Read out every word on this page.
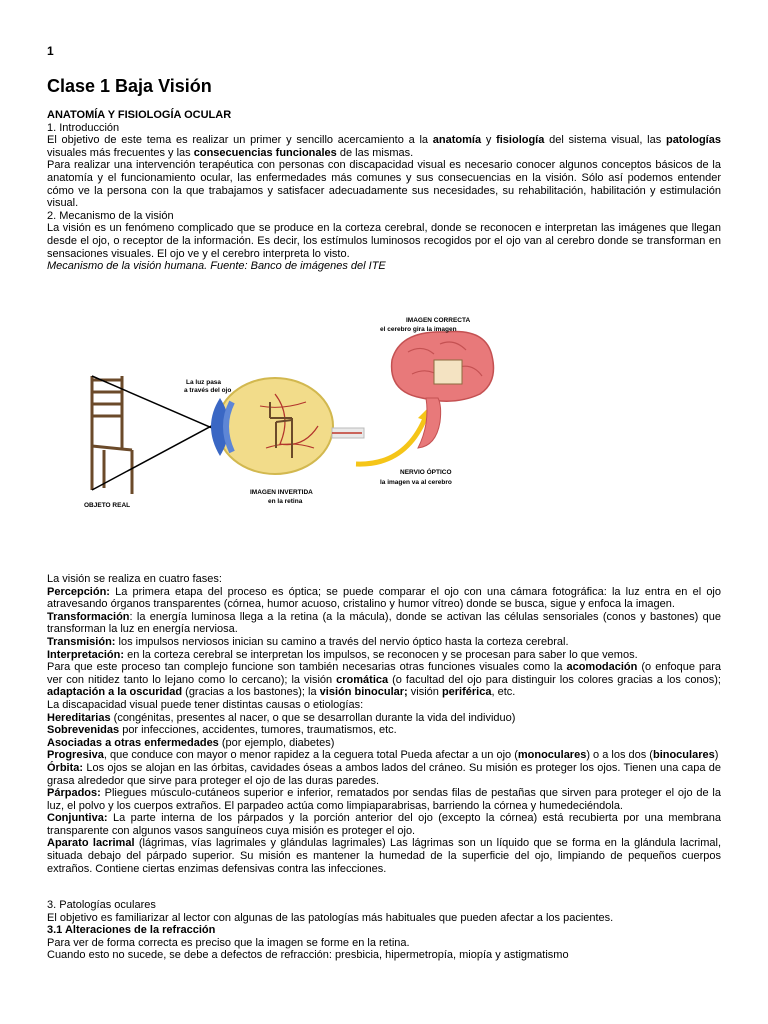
1
Clase 1 Baja Visión
ANATOMÍA Y FISIOLOGÍA OCULAR
1. Introducción
El objetivo de este tema es realizar un primer y sencillo acercamiento a la anatomía y fisiología del sistema visual, las patologías visuales más frecuentes y las consecuencias funcionales de las mismas.
Para realizar una intervención terapéutica con personas con discapacidad visual es necesario conocer algunos conceptos básicos de la anatomía y el funcionamiento ocular, las enfermedades más comunes y sus consecuencias en la visión. Sólo así podemos entender cómo ve la persona con la que trabajamos y satisfacer adecuadamente sus necesidades, su rehabilitación, habilitación y estimulación visual.
2. Mecanismo de la visión
La visión es un fenómeno complicado que se produce en la corteza cerebral, donde se reconocen e interpretan las imágenes que llegan desde el ojo, o receptor de la información. Es decir, los estímulos luminosos recogidos por el ojo van al cerebro donde se transforman en sensaciones visuales. El ojo ve y el cerebro interpreta lo visto.
Mecanismo de la visión humana. Fuente: Banco de imágenes del ITE
La luz pasa
a través del ojo
IMAGEN CORRECTA
el cerebro gira la imagen
OBJETO REAL
IMAGEN INVERTIDA
en la retina
NERVIO ÓPTICO
la imagen va al cerebro
La visión se realiza en cuatro fases:
Percepción: La primera etapa del proceso es óptica; se puede comparar el ojo con una cámara fotográfica: la luz entra en el ojo atravesando órganos transparentes (córnea, humor acuoso, cristalino y humor vítreo) donde se busca, sigue y enfoca la imagen.
Transformación: la energía luminosa llega a la retina (a la mácula), donde se activan las células sensoriales (conos y bastones) que transforman la luz en energía nerviosa.
Transmisión: los impulsos nerviosos inician su camino a través del nervio óptico hasta la corteza cerebral.
Interpretación: en la corteza cerebral se interpretan los impulsos, se reconocen y se procesan para saber lo que vemos.
Para que este proceso tan complejo funcione son también necesarias otras funciones visuales como la acomodación (o enfoque para ver con nitidez tanto lo lejano como lo cercano); la visión cromática (o facultad del ojo para distinguir los colores gracias a los conos); adaptación a la oscuridad (gracias a los bastones); la visión binocular; visión periférica, etc.
La discapacidad visual puede tener distintas causas o etiologías:
Hereditarias (congénitas, presentes al nacer, o que se desarrollan durante la vida del individuo)
Sobrevenidas por infecciones, accidentes, tumores, traumatismos, etc.
Asociadas a otras enfermedades (por ejemplo, diabetes)
Progresiva, que conduce con mayor o menor rapidez a la ceguera total Pueda afectar a un ojo (monoculares) o a los dos (binoculares)
Órbita: Los ojos se alojan en las órbitas, cavidades óseas a ambos lados del cráneo. Su misión es proteger los ojos. Tienen una capa de grasa alrededor que sirve para proteger el ojo de las duras paredes.
Párpados: Pliegues músculo-cutáneos superior e inferior, rematados por sendas filas de pestañas que sirven para proteger el ojo de la luz, el polvo y los cuerpos extraños. El parpadeo actúa como limpiaparabrisas, barriendo la córnea y humedeciéndola.
Conjuntiva: La parte interna de los párpados y la porción anterior del ojo (excepto la córnea) está recubierta por una membrana transparente con algunos vasos sanguíneos cuya misión es proteger el ojo.
Aparato lacrimal (lágrimas, vías lagrimales y glándulas lagrimales) Las lágrimas son un líquido que se forma en la glándula lacrimal, situada debajo del párpado superior. Su misión es mantener la humedad de la superficie del ojo, limpiando de pequeños cuerpos extraños. Contiene ciertas enzimas defensivas contra las infecciones.
3. Patologías oculares
El objetivo es familiarizar al lector con algunas de las patologías más habituales que pueden afectar a los pacientes.
3.1 Alteraciones de la refracción
Para ver de forma correcta es preciso que la imagen se forme en la retina.
Cuando esto no sucede, se debe a defectos de refracción: presbicia, hipermetropía, miopía y astigmatismo
